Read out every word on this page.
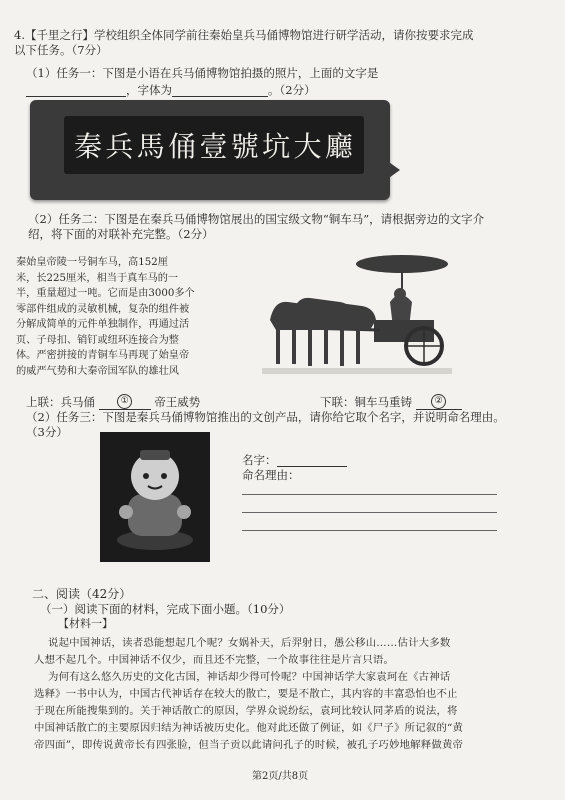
4.【千里之行】学校组织全体同学前往秦始皇兵马俑博物馆进行研学活动，请你按要求完成
以下任务。（7分）
（1）任务一：下图是小语在兵马俑博物馆拍摄的照片，上面的文字是
，字体为	。（2分）
秦 兵 馬 俑 壹 號 坑 大 廳
（2）任务二：下图是在秦兵马俑博物馆展出的国宝级文物“铜车马”，请根据旁边的文字介
绍，将下面的对联补充完整。（2分）
秦始皇帝陵一号铜车马，高152厘
米，长225厘米，相当于真车马的一
半，重量超过一吨。它而是由3000多个
零部件组成的灵敏机械，复杂的组件被
分解成简单的元件单独制作，再通过活
页、子母扣、销钉或纽环连接合为整
体。严密拼接的青铜车马再现了始皇帝
的威严气势和大秦帝国军队的雄壮风
上联：兵马俑	① 帝王威势	下联：铜车马重铸	②
（2）任务三：下图是秦兵马俑博物馆推出的文创产品，请你给它取个名字，并说明命名理由。
（3分）
名字：
命名理由：
二、阅读（42分）
（一）阅读下面的材料，完成下面小题。（10分）
【材料一】
说起中国神话，读者恐能想起几个呢？女娲补天，后羿射日，愚公移山……估计大多数
人想不起几个。中国神话不仅少，而且还不完整，一个故事往往是片言只语。
为何有这么悠久历史的文化古国，神话却少得可怜呢？中国神话学大家袁珂在《古神话
选释》一书中认为，中国古代神话存在较大的散亡，要是不散亡，其内容的丰富恐怕也不止
于现在所能搜集到的。关于神话散亡的原因，学界众说纷纭，袁珂比较认同茅盾的说法，将
中国神话散亡的主要原因归结为神话被历史化。他对此还做了例证，如《尸子》所记叙的“黄
帝四面”，即传说黄帝长有四张脸，但当子贡以此请问孔子的时候，被孔子巧妙地解释做黄帝
第2页/共8页
